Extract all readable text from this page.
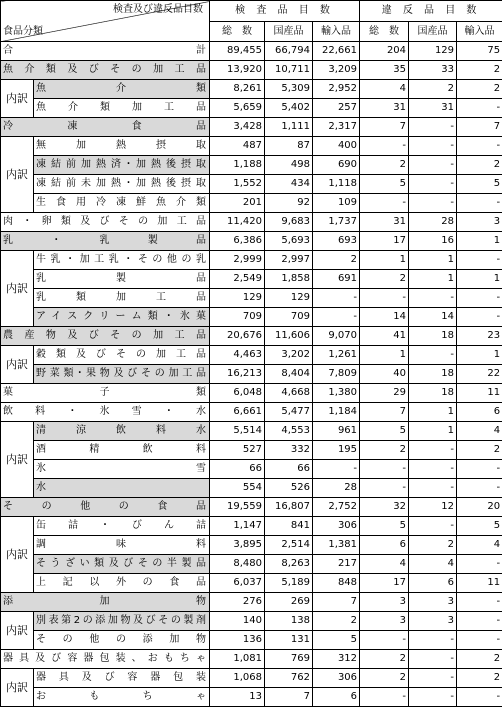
検査及び違反品目数
食品分類		検 査 品 目 数			違 反 品 目 数		
		総　数	国産品	輸入品	総　数	国産品	輸入品
合　　　　計		89,455	66,794	22,661	204	129	75
魚介類及びその加工品		13,920	10,711	3,209	35	33	2
内訳	魚　　介　　類	8,261	5,309	2,952	4	2	2
	魚介類加工品	5,659	5,402	257	31	31	-
冷　凍　食　品		3,428	1,111	2,317	7	-	7
内訳	無加熱摂取	487	87	400	-	-	-
	凍結前加熱済･加熱後摂取	1,188	498	690	2	-	2
	凍結前未加熱･加熱後摂取	1,552	434	1,118	5	-	5
	生食用冷凍鮮魚介類	201	92	109	-	-	-
肉・卵類及びその加工品		11,420	9,683	1,737	31	28	3
乳　・　乳　製　品		6,386	5,693	693	17	16	1
内訳	牛乳・加工乳・その他の乳	2,999	2,997	2	1	1	-
	乳　　製　　品	2,549	1,858	691	2	1	1
	乳類加工品	129	129	-	-	-	-
	アイスクリーム類・氷菓	709	709	-	14	14	-
農産物及びその加工品		20,676	11,606	9,070	41	18	23
内訳	穀類及びその加工品	4,463	3,202	1,261	1	-	1
	野菜類･果物及びその加工品	16,213	8,404	7,809	40	18	22
菓　　子　　類		6,048	4,668	1,380	29	18	11
飲料・氷雪・水		6,661	5,477	1,184	7	1	6
内訳	清涼飲料水	5,514	4,553	961	5	1	4
	酒　精　飲　料	527	332	195	2	-	2
	氷　　　　雪	66	66	-	-	-	-
	水	554	526	28	-	-	-
その他の食品		19,559	16,807	2,752	32	12	20
内訳	缶詰・びん詰	1,147	841	306	5	-	5
	調　　味　　料	3,895	2,514	1,381	6	2	4
	そうざい類及びその半製品	8,480	8,263	217	4	4	-
	上記以外の食品	6,037	5,189	848	17	6	11
添　　加　　物		276	269	7	3	3	-
内訳	別表第2の添加物及びその製剤	140	138	2	3	3	-
	その他の添加物	136	131	5	-	-	-
器具及び容器包装、おもちゃ		1,081	769	312	2	-	2
内訳	器具及び容器包装	1,068	762	306	2	-	2
	お　　も　　ち　　ゃ	13	7	6	-	-	-
